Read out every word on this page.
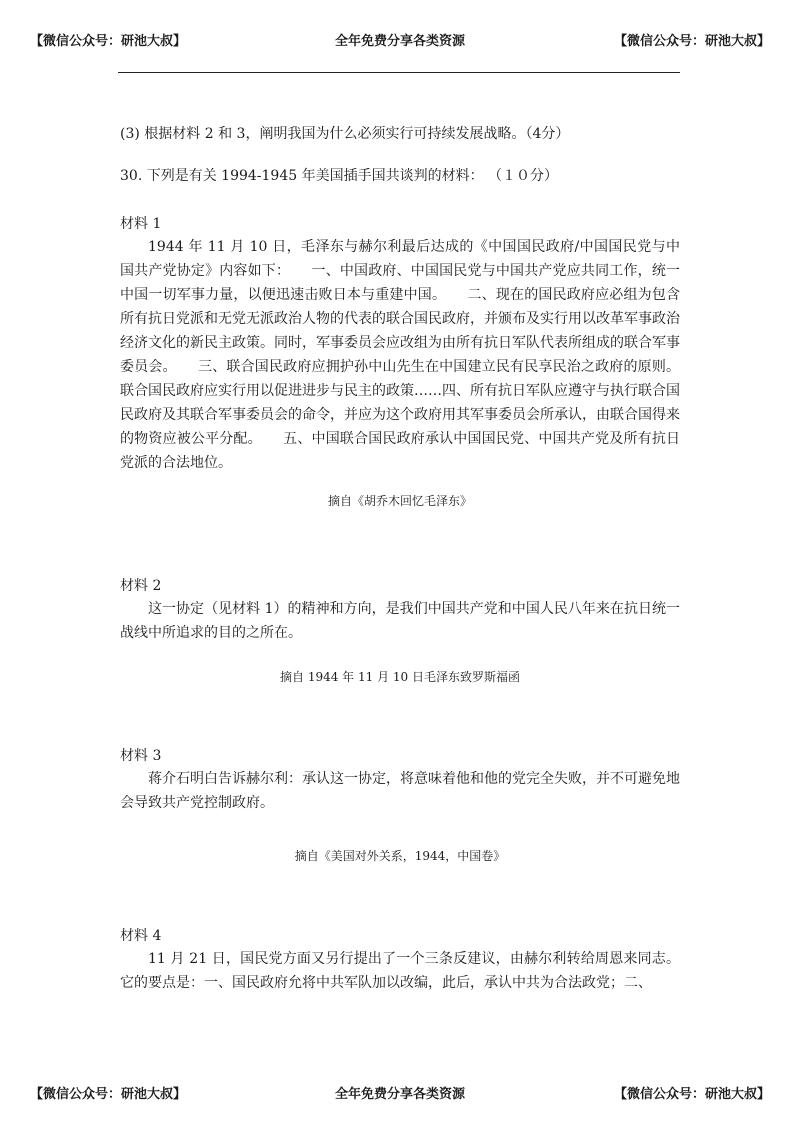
全年免费分享各类资源
【微信公众号：研池大叔】	【微信公众号：研池大叔】
(3) 根据材料 2 和 3，阐明我国为什么必须实行可持续发展战略。（4分）
30. 下列是有关 1994-1945 年美国插手国共谈判的材料： （１０分）
材料 1
1944 年 11 月 10 日，毛泽东与赫尔利最后达成的《中国国民政府/中国国民党与中国共产党协定》内容如下：　　一、中国政府、中国国民党与中国共产党应共同工作，统一中国一切军事力量，以便迅速击败日本与重建中国。　　二、现在的国民政府应必组为包含所有抗日党派和无党无派政治人物的代表的联合国民政府，并颁布及实行用以改革军事政治经济文化的新民主政策。同时，军事委员会应改组为由所有抗日军队代表所组成的联合军事委员会。　　三、联合国民政府应拥护孙中山先生在中国建立民有民享民治之政府的原则。联合国民政府应实行用以促进进步与民主的政策……四、所有抗日军队应遵守与执行联合国民政府及其联合军事委员会的命令，并应为这个政府用其军事委员会所承认，由联合国得来的物资应被公平分配。　　五、中国联合国民政府承认中国国民党、中国共产党及所有抗日党派的合法地位。
摘自《胡乔木回忆毛泽东》
材料 2
这一协定（见材料 1）的精神和方向，是我们中国共产党和中国人民八年来在抗日统一战线中所追求的目的之所在。
摘自 1944 年 11 月 10 日毛泽东致罗斯福函
材料 3
蒋介石明白告诉赫尔利：承认这一协定，将意味着他和他的党完全失败，并不可避免地会导致共产党控制政府。
摘自《美国对外关系，1944，中国卷》
材料 4
11 月 21 日，国民党方面又另行提出了一个三条反建议，由赫尔利转给周恩来同志。它的要点是：一、国民政府允将中共军队加以改编，此后，承认中共为合法政党；二、
全年免费分享各类资源
【微信公众号：研池大叔】	【微信公众号：研池大叔】
